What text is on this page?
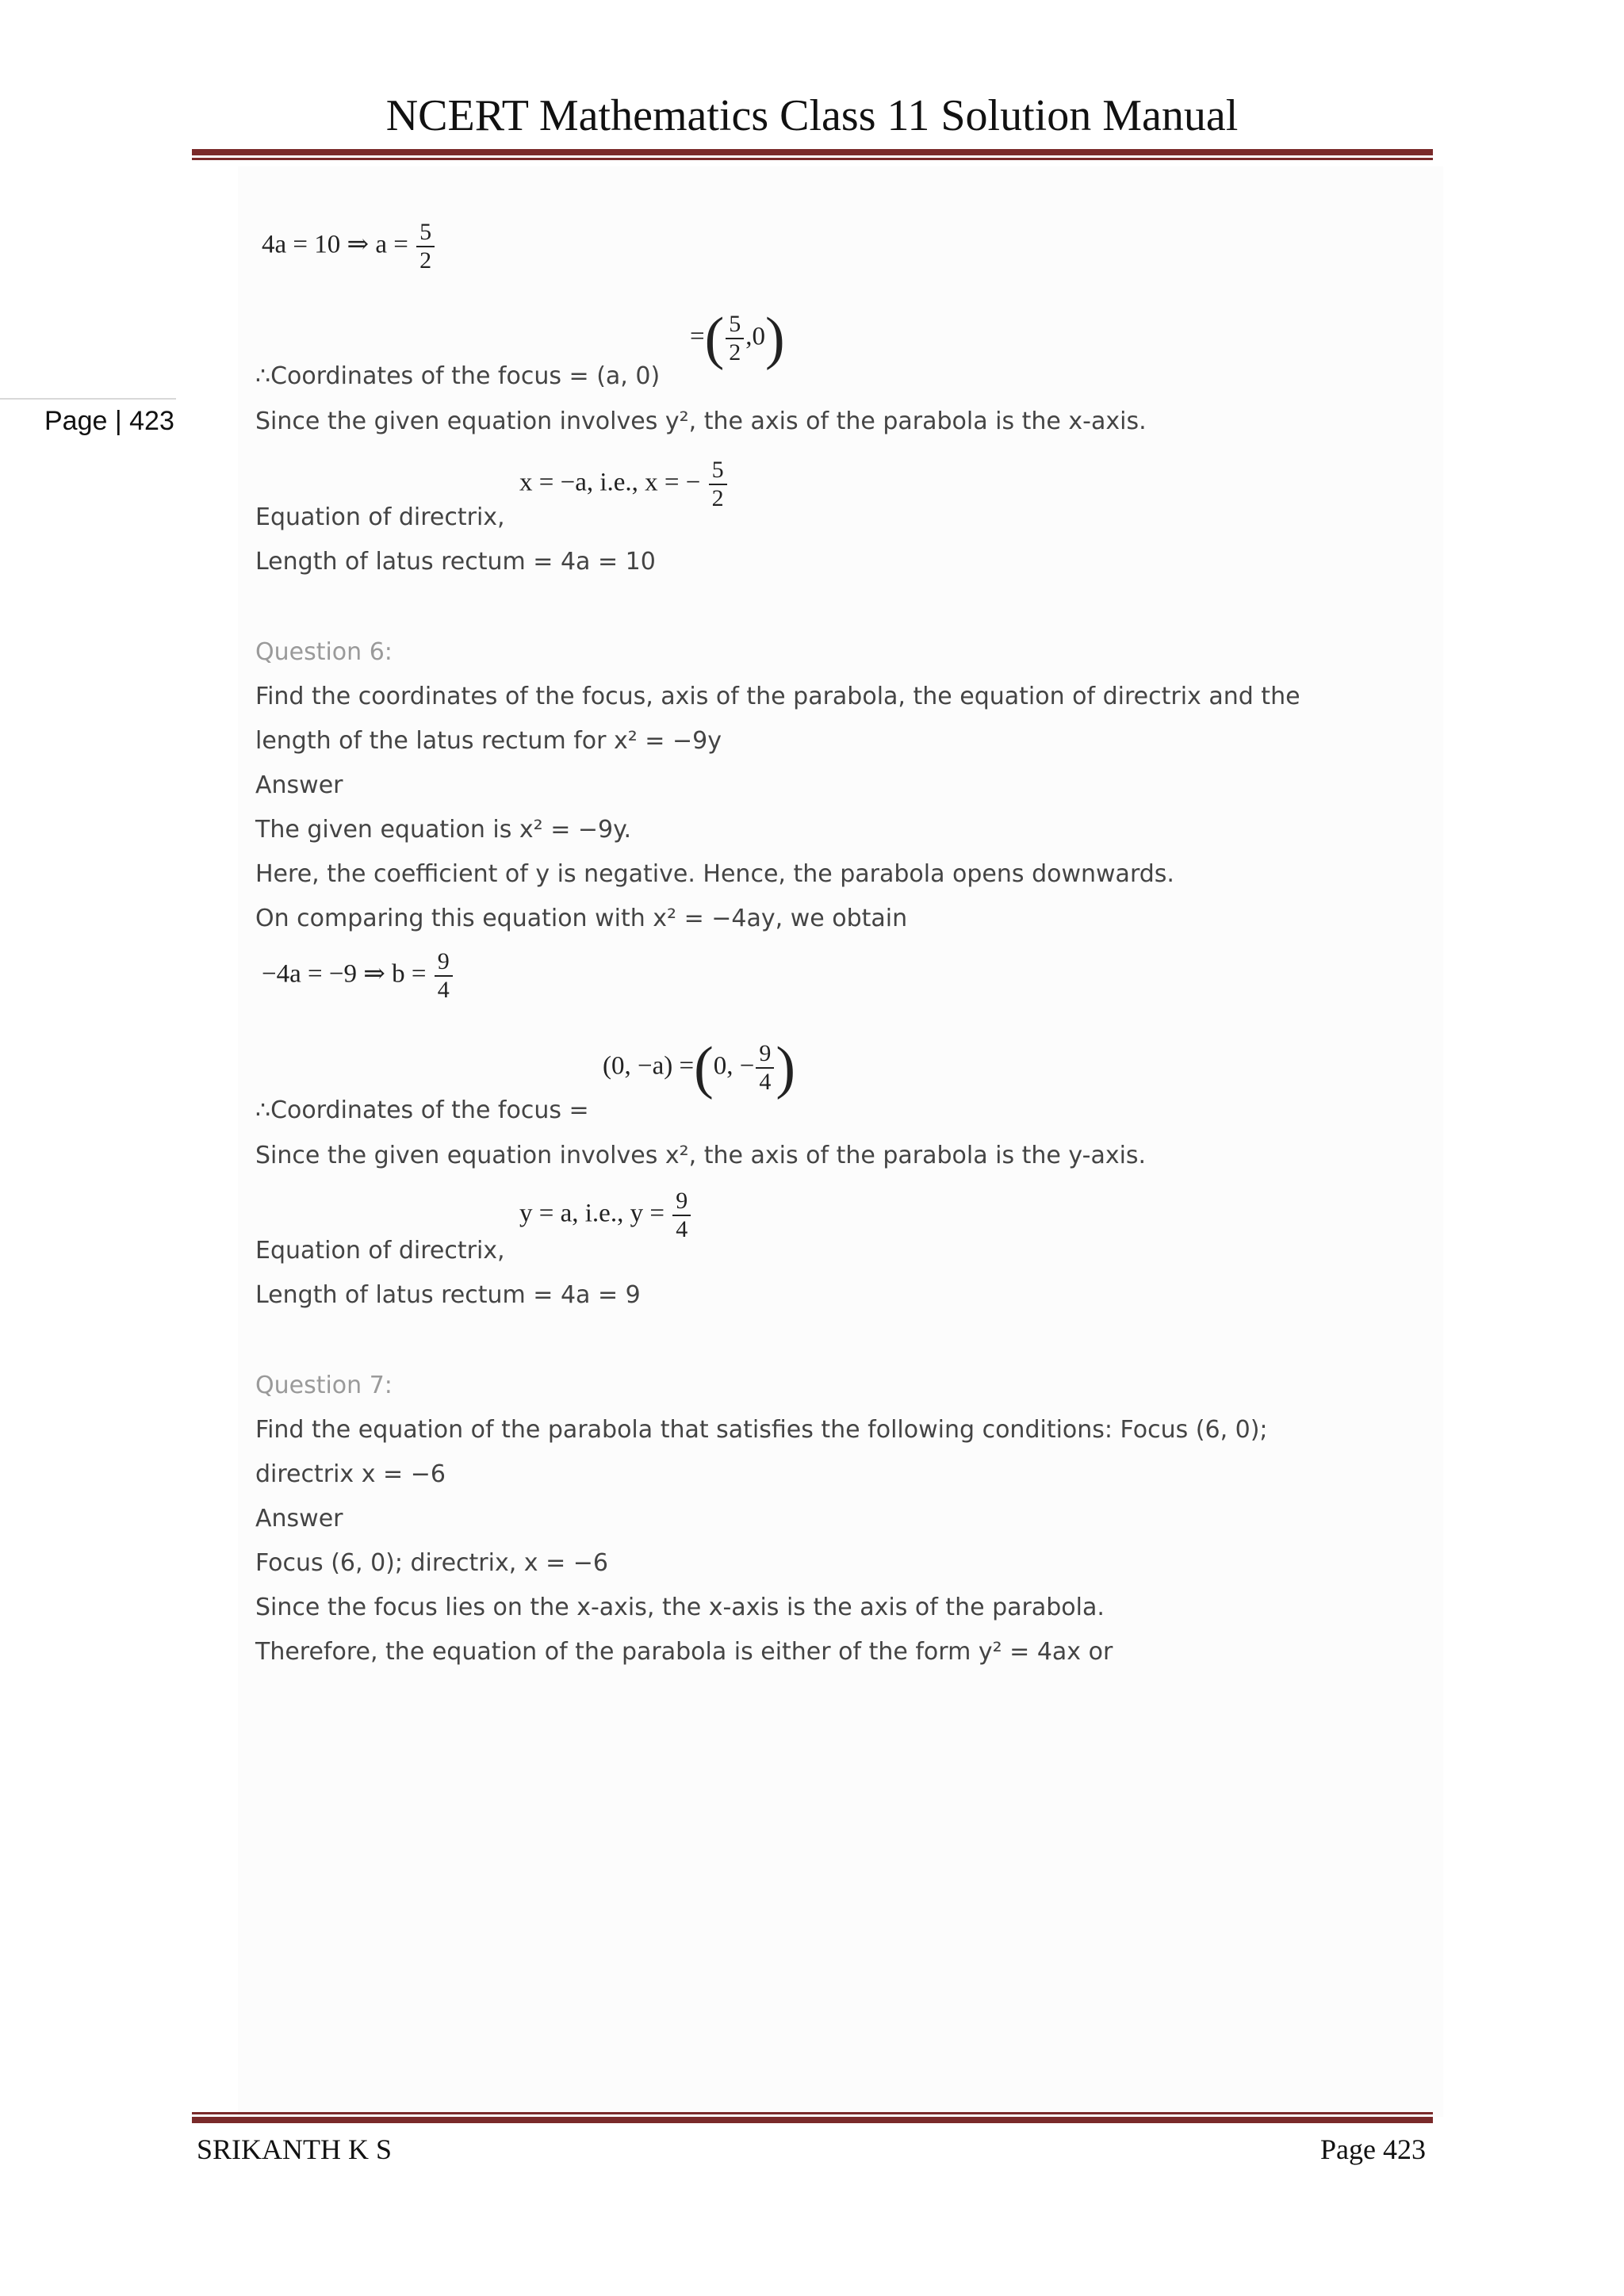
NCERT Mathematics Class 11 Solution Manual
Page | 423
4a = 10 ⇒ $a = \frac{5}{2}$
=( $\frac{5}{2} ,0$)
∴Coordinates of the focus = (a, 0)
Since the given equation involves y², the axis of the parabola is the x-axis.
x = −a, i.e., x = − $\frac{5}{2}$
Equation of directrix,
Length of latus rectum = 4a = 10
Question 6:
Find the coordinates of the focus, axis of the parabola, the equation of directrix and the
length of the latus rectum for x² = −9y
Answer
The given equation is x² = −9y.
Here, the coefficient of y is negative. Hence, the parabola opens downwards.
On comparing this equation with x² = −4ay, we obtain
−4a = −9 ⇒ $b = \frac{9}{4}$
(0, −a) =(0, − $\frac{9}{4}$ )
∴Coordinates of the focus =
Since the given equation involves x², the axis of the parabola is the y-axis.
y = a, i.e., $y = \frac{9}{4}$
Equation of directrix,
Length of latus rectum = 4a = 9
Question 7:
Find the equation of the parabola that satisfies the following conditions: Focus (6, 0);
directrix x = −6
Answer
Focus (6, 0); directrix, x = −6
Since the focus lies on the x-axis, the x-axis is the axis of the parabola.
Therefore, the equation of the parabola is either of the form y² = 4ax or
SRIKANTH K S	Page 423
